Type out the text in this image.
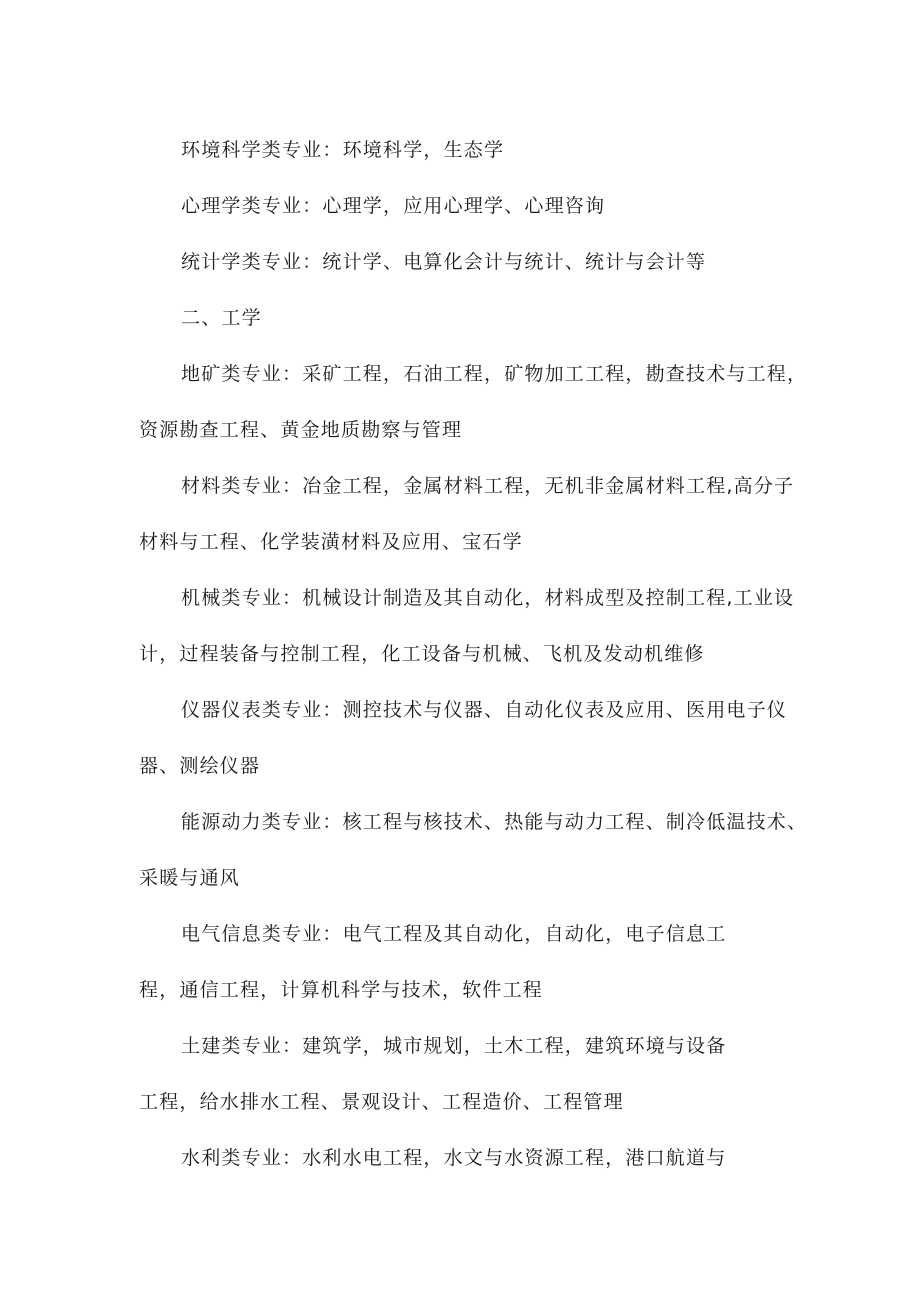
环境科学类专业：环境科学，生态学

心理学类专业：心理学，应用心理学、心理咨询

统计学类专业：统计学、电算化会计与统计、统计与会计等

二、工学

地矿类专业：采矿工程，石油工程，矿物加工工程，勘查技术与工程，
资源勘查工程、黄金地质勘察与管理

材料类专业：冶金工程，金属材料工程，无机非金属材料工程,高分子
材料与工程、化学装潢材料及应用、宝石学

机械类专业：机械设计制造及其自动化，材料成型及控制工程,工业设
计，过程装备与控制工程，化工设备与机械、飞机及发动机维修

仪器仪表类专业：测控技术与仪器、自动化仪表及应用、医用电子仪
器、测绘仪器

能源动力类专业：核工程与核技术、热能与动力工程、制冷低温技术、
采暖与通风

电气信息类专业：电气工程及其自动化，自动化，电子信息工
程，通信工程，计算机科学与技术，软件工程

土建类专业：建筑学，城市规划，土木工程，建筑环境与设备
工程，给水排水工程、景观设计、工程造价、工程管理

水利类专业：水利水电工程，水文与水资源工程，港口航道与
